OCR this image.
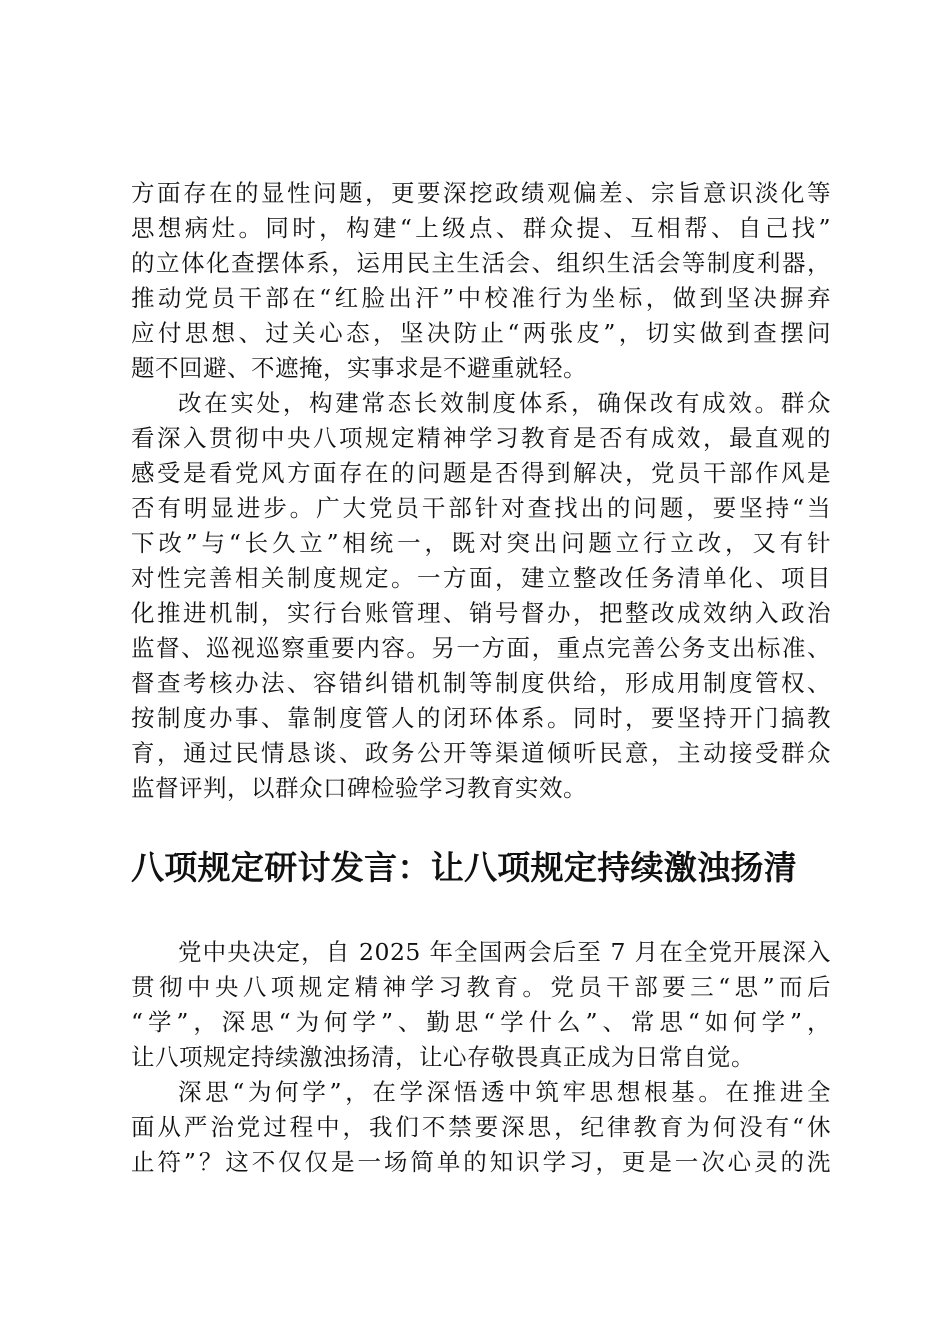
方面存在的显性问题，更要深挖政绩观偏差、宗旨意识淡化等
思想病灶。同时，构建“上级点、群众提、互相帮、自己找”
的立体化查摆体系，运用民主生活会、组织生活会等制度利器，
推动党员干部在“红脸出汗”中校准行为坐标，做到坚决摒弃
应付思想、过关心态，坚决防止“两张皮”，切实做到查摆问
题不回避、不遮掩，实事求是不避重就轻。
改在实处，构建常态长效制度体系，确保改有成效。群众
看深入贯彻中央八项规定精神学习教育是否有成效，最直观的
感受是看党风方面存在的问题是否得到解决，党员干部作风是
否有明显进步。广大党员干部针对查找出的问题，要坚持“当
下改”与“长久立”相统一，既对突出问题立行立改，又有针
对性完善相关制度规定。一方面，建立整改任务清单化、项目
化推进机制，实行台账管理、销号督办，把整改成效纳入政治
监督、巡视巡察重要内容。另一方面，重点完善公务支出标准、
督查考核办法、容错纠错机制等制度供给，形成用制度管权、
按制度办事、靠制度管人的闭环体系。同时，要坚持开门搞教
育，通过民情恳谈、政务公开等渠道倾听民意，主动接受群众
监督评判，以群众口碑检验学习教育实效。
八项规定研讨发言：让八项规定持续激浊扬清
党中央决定，自 2025 年全国两会后至 7 月在全党开展深入
贯彻中央八项规定精神学习教育。党员干部要三“思”而后
“学”，深思“为何学”、勤思“学什么”、常思“如何学”，
让八项规定持续激浊扬清，让心存敬畏真正成为日常自觉。
深思“为何学”，在学深悟透中筑牢思想根基。在推进全
面从严治党过程中，我们不禁要深思，纪律教育为何没有“休
止符”？这不仅仅是一场简单的知识学习，更是一次心灵的洗
